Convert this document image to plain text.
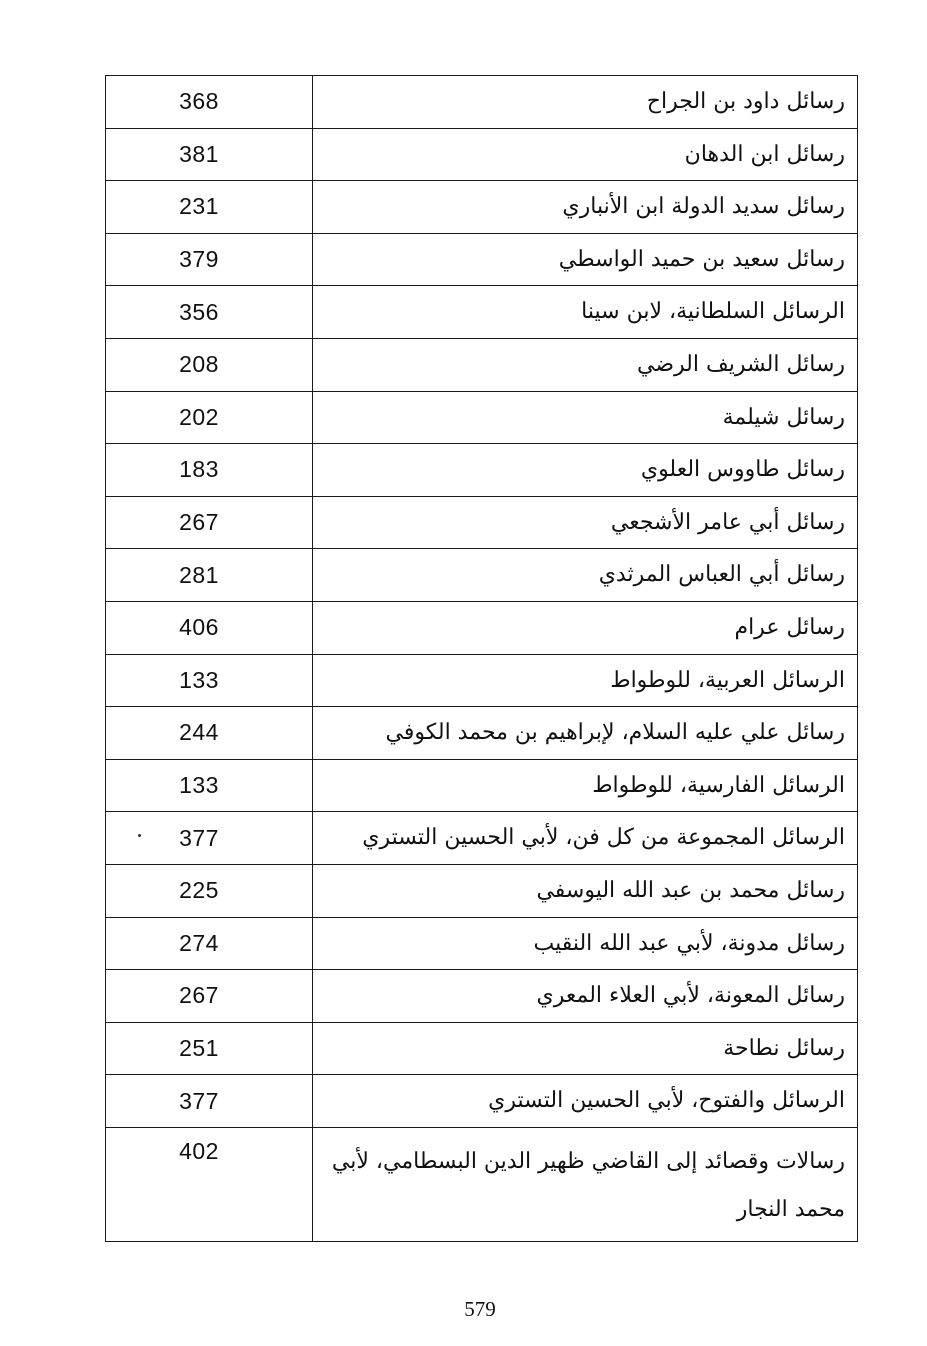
368	رسائل داود بن الجراح
381	رسائل ابن الدهان
231	رسائل سديد الدولة ابن الأنباري
379	رسائل سعيد بن حميد الواسطي
356	الرسائل السلطانية، لابن سينا
208	رسائل الشريف الرضي
202	رسائل شيلمة
183	رسائل طاووس العلوي
267	رسائل أبي عامر الأشجعي
281	رسائل أبي العباس المرثدي
406	رسائل عرام
133	الرسائل العربية، للوطواط
244	رسائل علي عليه السلام، لإبراهيم بن محمد الكوفي
133	الرسائل الفارسية، للوطواط
377	الرسائل المجموعة من كل فن، لأبي الحسين التستري
225	رسائل محمد بن عبد الله اليوسفي
274	رسائل مدونة، لأبي عبد الله النقيب
267	رسائل المعونة، لأبي العلاء المعري
251	رسائل نطاحة
377	الرسائل والفتوح، لأبي الحسين التستري
402	رسالات وقصائد إلى القاضي ظهير الدين البسطامي، لأبي محمد النجار
579
